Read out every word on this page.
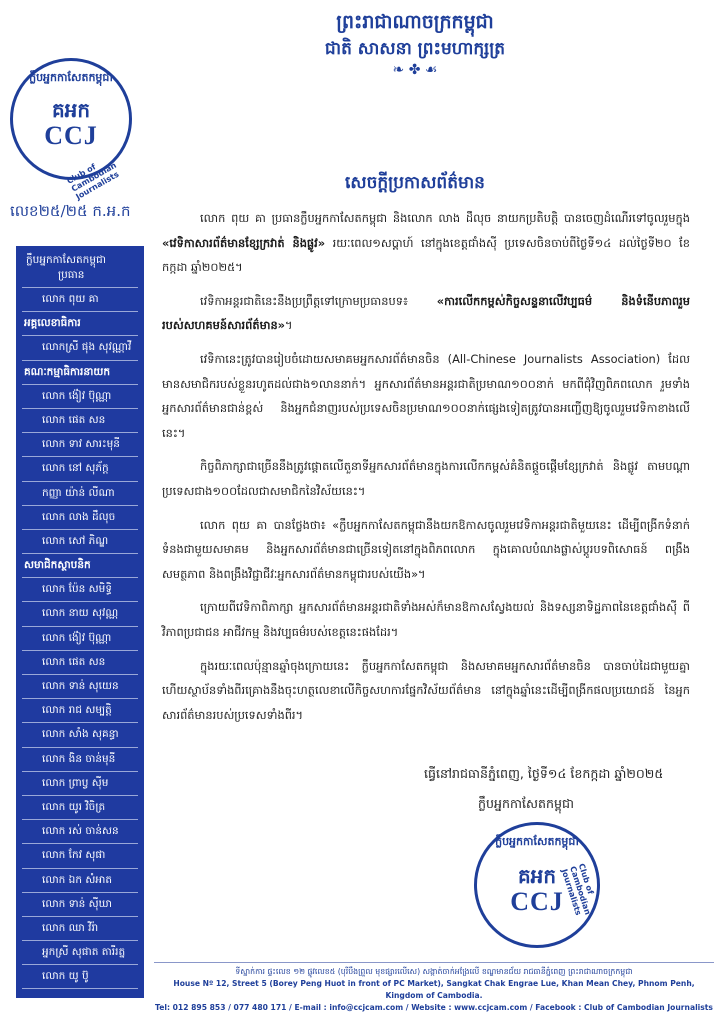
ព្រះរាជាណាចក្រកម្ពុជា
ជាតិ សាសនា ព្រះមហាក្សត្រ
❧ ✤ ☙
ក្លឹបអ្នកកាសែតកម្ពុជា
គអក
CCJ
Club of Cambodian Journalists
លេខ២៥/២៥ ក.អ.ក
ក្លឹបអ្នកកាសែតកម្ពុជា
ប្រធាន
លោក ពុយ គា
អគ្គលេខាធិការ
លោកស្រី ផុង សុវណ្ណាវី
គណៈកម្មាធិការនាយក
លោក ង៉ៀវ ប៊ុណ្ណា
លោក ផេត សន
លោក ទាវ សារះមុនី
លោក នៅ សុភ័ក្ត
កញ្ញា យ៉ាន់ លីណា
លោក លាង ដឹលុច
លោក សៅ ភិណ្ឌ
សមាជិកស្ថាបនិក
លោក ប៉ែន សមិទ្ធិ
លោក នាយ សុវណ្ណ
លោក ង៉ៀវ ប៊ុណ្ណា
លោក ផេត សន
លោក ទាន់ សុយេន
លោក រាជ សម្បត្តិ
លោក សាំង សុគន្ធា
លោក ងិន ចាន់មុនី
លោក ព្រាប្វ ស៊ីម
លោក យូរ វិចិត្រ
លោក រស់ ចាន់សន
លោក កែវ សុផា
លោក ឯក សំអាត
លោក ទាន់ ស៊ីឃា
លោក ឈា វិរ៉ា
អ្នកស្រី សុផាត តារីរត្ន
លោក យូ ប៊ូ
សេចក្តីប្រកាសព័ត៌មាន

លោក ពុយ គា ប្រធានក្លឹបអ្នកកាសែតកម្ពុជា និងលោក លាង ដឹលុច នាយកប្រតិបត្តិ បានចេញដំណើរទៅចូលរួមក្នុង «វេទិកាសារព័ត៌មានខ្សែក្រវាត់ និងផ្លូវ» រយៈពេល១សប្តាហ៍ នៅក្នុងខេត្តជាំងស៊ី ប្រទេសចិនចាប់ពីថ្ងៃទី១៤ ដល់ថ្ងៃទី២០ ខែកក្កដា ឆ្នាំ២០២៥។

វេទិកាអន្តរជាតិនេះនឹងប្រព្រឹត្តទៅក្រោមប្រធានបទ៖ «ការលើកកម្ពស់កិច្ចសន្ទនាលើវប្បធម៌ និងទំនើបភាពរួមរបស់សហគមន៍សារព័ត៌មាន»។

វេទិកានេះត្រូវបានរៀបចំដោយសមាគមអ្នកសារព័ត៌មានចិន (All-Chinese Journalists Association) ដែលមានសមាជិករបស់ខ្លួនរហូតដល់ជាង១លាននាក់។ អ្នកសារព័ត៌មានអន្តរជាតិប្រមាណ១០០នាក់ មកពីជុំវិញពិភពលោក រួមទាំងអ្នកសារព័ត៌មានជាន់ខ្ពស់ និងអ្នកជំនាញរបស់ប្រទេសចិនប្រមាណ១០០នាក់ផ្សេងទៀតត្រូវបានអញ្ជើញឱ្យចូលរួមវេទិកាខាងលើនេះ។

កិច្ចពិភាក្សាជាច្រើននឹងត្រូវផ្តោតលើតួនាទីអ្នកសារព័ត៌មានក្នុងការលើកកម្ពស់គំនិតផ្តួចផ្តើមខ្សែក្រវាត់ និងផ្លូវ តាមបណ្តាប្រទេសជាង១០០ដែលជាសមាជិកនៃវិស័យនេះ។

លោក ពុយ គា បានថ្លែងថា៖ «ក្លឹបអ្នកកាសែតកម្ពុជានឹងយកឱកាសចូលរួមវេទិកាអន្តរជាតិមួយនេះ ដើម្បីពង្រីកទំនាក់ទំនងជាមួយសមាគម និងអ្នកសារព័ត៌មានជាច្រើនទៀតនៅក្នុងពិភពលោក ក្នុងគោលបំណងផ្លាស់ប្តូរបទពិសោធន៍ ពង្រឹងសមត្ថភាព និងពង្រឹងវិជ្ជាជីវៈអ្នកសារព័ត៌មានកម្ពុជារបស់យើង»។

ក្រោយពីវេទិកាពិភាក្សា អ្នកសារព័ត៌មានអន្តរជាតិទាំងអស់ក៏មានឱកាសស្វែងយល់ និងទស្សនាទិដ្ឋភាពនៃខេត្តជាំងស៊ី ពីវិភាពប្រជាជន អាជីវកម្ម និងវប្បធម៌របស់ខេត្តនេះផងដែរ។

ក្នុងរយៈពេលប៉ុន្មានឆ្នាំចុងក្រោយនេះ ក្លឹបអ្នកកាសែតកម្ពុជា និងសមាគមអ្នកសារព័ត៌មានចិន បានចាប់ដៃជាមួយគ្នា ហើយស្ថាប័នទាំងពីរគ្រោងនឹងចុះហត្ថលេខាលើកិច្ចសហការផ្នែកវិស័យព័ត៌មាន នៅក្នុងឆ្នាំនេះដើម្បីពង្រីកផលប្រយោជន៍ នៃអ្នកសារព័ត៌មានរបស់ប្រទេសទាំងពីរ។

ធ្វើនៅរាជធានីភ្នំពេញ, ថ្ងៃទី១៤ ខែកក្កដា ឆ្នាំ២០២៥
ក្លឹបអ្នកកាសែតកម្ពុជា
ក្លឹបអ្នកកាសែតកម្ពុជា
គអក
CCJ
Club of Cambodian Journalists
ទីស្នាក់ការ ផ្ទះលេខ ១២ ផ្លូវលេខ៥ (បុរីបឹងព្រួល មុខផ្សារលើសេ) សង្កាត់ចាក់អង្រែលើ ខណ្ឌមានជ័យ រាជធានីភ្នំពេញ ព្រះរាជាណាចក្រកម្ពុជា
House Nº 12, Street 5 (Borey Peng Huot in front of PC Market), Sangkat Chak Engrae Lue, Khan Mean Chey, Phnom Penh, Kingdom of Cambodia.
Tel: 012 895 853 / 077 480 171 / E-mail : info@ccjcam.com / Website : www.ccjcam.com / Facebook : Club of Cambodian Journalists
